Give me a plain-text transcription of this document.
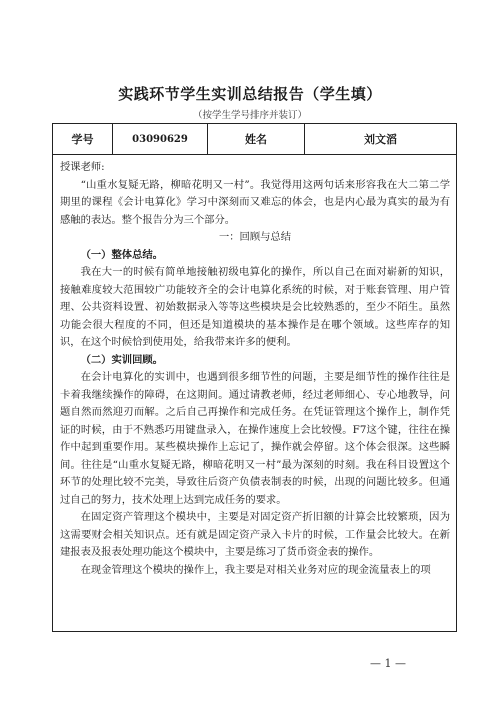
实践环节学生实训总结报告（学生填）
（按学生学号排序并装订）
学号	03090629	姓名	刘文滔

授课老师:

“山重水复疑无路，柳暗花明又一村”。我觉得用这两句话来形容我在大二第二学期里的课程《会计电算化》学习中深刻而又难忘的体会，也是内心最为真实的最为有感触的表达。整个报告分为三个部分。

一：回顾与总结

（一）整体总结。

我在大一的时候有简单地接触初级电算化的操作，所以自己在面对崭新的知识，接触难度较大范围较广功能较齐全的会计电算化系统的时候，对于账套管理、用户管理、公共资料设置、初始数据录入等等这些模块是会比较熟悉的，至少不陌生。虽然功能会很大程度的不同，但还是知道模块的基本操作是在哪个领域。这些库存的知识，在这个时候恰到使用处，给我带来许多的便利。

（二）实训回顾。

在会计电算化的实训中，也遇到很多细节性的问题，主要是细节性的操作往往是卡着我继续操作的障碍，在这期间。通过请教老师，经过老师细心、专心地教导，问题自然而然迎刃而解。之后自己再操作和完成任务。在凭证管理这个操作上，制作凭证的时候，由于不熟悉巧用键盘录入，在操作速度上会比较慢。F7这个键，往往在操作中起到重要作用。某些模块操作上忘记了，操作就会停留。这个体会很深。这些瞬间。往往是“山重水复疑无路，柳暗花明又一村”最为深刻的时刻。我在科目设置这个环节的处理比较不完美，导致往后资产负债表制表的时候，出现的问题比较多。但通过自己的努力，技术处理上达到完成任务的要求。

在固定资产管理这个模块中，主要是对固定资产折旧额的计算会比较繁琐，因为这需要财会相关知识点。还有就是固定资产录入卡片的时候，工作量会比较大。在新建报表及报表处理功能这个模块中，主要是练习了货币资金表的操作。

在现金管理这个模块的操作上，我主要是对相关业务对应的现金流量表上的项

— 1 —
